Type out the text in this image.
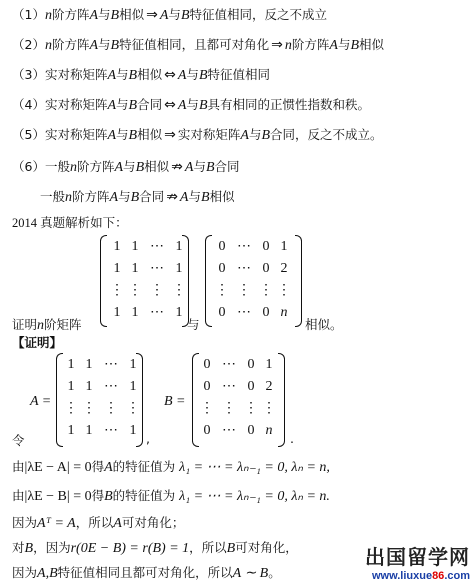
（1）n阶方阵A与B相似 ⇒ A与B特征值相同，反之不成立
（2）n阶方阵A与B特征值相同，且都可对角化 ⇒ n阶方阵A与B相似
（3）实对称矩阵A与B相似 ⇔ A与B特征值相同
（4）实对称矩阵A与B合同 ⇔ A与B具有相同的正惯性指数和秩。
（5）实对称矩阵A与B相似 ⇒ 实对称矩阵A与B合同，反之不成立。
（6）一般n阶方阵A与B相似 ⇏ A与B合同
一般n阶方阵A与B合同 ⇏ A与B相似
2014 真题解析如下：
1 1 ⋯ 1
1 1 ⋯ 1
⋮ ⋮ ⋮ ⋮
1 1 ⋯ 1
0 ⋯ 0 1
0 ⋯ 0 2
⋮ ⋮ ⋮ ⋮
0 ⋯ 0 n
证明n阶矩阵	与	相似。
【证明】
A =
1 1 ⋯ 1
1 1 ⋯ 1
⋮ ⋮ ⋮ ⋮
1 1 ⋯ 1
,
B =
0 ⋯ 0 1
0 ⋯ 0 2
⋮ ⋮ ⋮ ⋮
0 ⋯ 0 n
.
令
由|λE − A| = 0得A的特征值为 λ₁ = ⋯ = λₙ₋₁ = 0, λₙ = n,
由|λE − B| = 0得B的特征值为 λ₁ = ⋯ = λₙ₋₁ = 0, λₙ = n.
因为Aᵀ = A，所以A可对角化；
对B，因为r(0E − B) = r(B) = 1，所以B可对角化，
因为A,B特征值相同且都可对角化，所以A ∼ B。
出国留学网
www.liuxue86.com
